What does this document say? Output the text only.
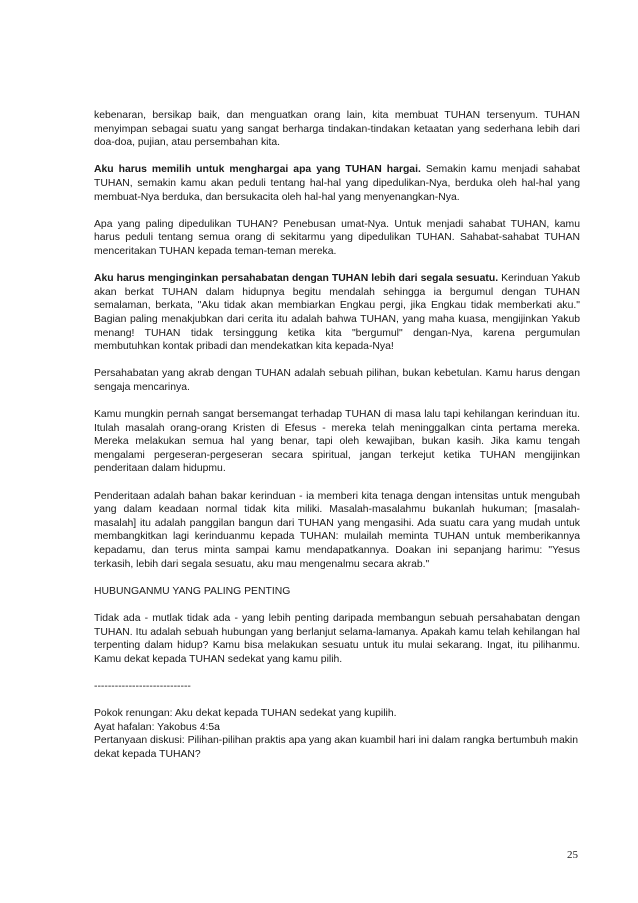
kebenaran, bersikap baik, dan menguatkan orang lain, kita membuat TUHAN tersenyum. TUHAN menyimpan sebagai suatu yang sangat berharga tindakan-tindakan ketaatan yang sederhana lebih dari doa-doa, pujian, atau persembahan kita.

Aku harus memilih untuk menghargai apa yang TUHAN hargai. Semakin kamu menjadi sahabat TUHAN, semakin kamu akan peduli tentang hal-hal yang dipedulikan-Nya, berduka oleh hal-hal yang membuat-Nya berduka, dan bersukacita oleh hal-hal yang menyenangkan-Nya.

Apa yang paling dipedulikan TUHAN? Penebusan umat-Nya. Untuk menjadi sahabat TUHAN, kamu harus peduli tentang semua orang di sekitarmu yang dipedulikan TUHAN. Sahabat-sahabat TUHAN menceritakan TUHAN kepada teman-teman mereka.

Aku harus menginginkan persahabatan dengan TUHAN lebih dari segala sesuatu. Kerinduan Yakub akan berkat TUHAN dalam hidupnya begitu mendalah sehingga ia bergumul dengan TUHAN semalaman, berkata, "Aku tidak akan membiarkan Engkau pergi, jika Engkau tidak memberkati aku." Bagian paling menakjubkan dari cerita itu adalah bahwa TUHAN, yang maha kuasa, mengijinkan Yakub menang! TUHAN tidak tersinggung ketika kita "bergumul" dengan-Nya, karena pergumulan membutuhkan kontak pribadi dan mendekatkan kita kepada-Nya!

Persahabatan yang akrab dengan TUHAN adalah sebuah pilihan, bukan kebetulan. Kamu harus dengan sengaja mencarinya.

Kamu mungkin pernah sangat bersemangat terhadap TUHAN di masa lalu tapi kehilangan kerinduan itu. Itulah masalah orang-orang Kristen di Efesus - mereka telah meninggalkan cinta pertama mereka. Mereka melakukan semua hal yang benar, tapi oleh kewajiban, bukan kasih. Jika kamu tengah mengalami pergeseran-pergeseran secara spiritual, jangan terkejut ketika TUHAN mengijinkan penderitaan dalam hidupmu.

Penderitaan adalah bahan bakar kerinduan - ia memberi kita tenaga dengan intensitas untuk mengubah yang dalam keadaan normal tidak kita miliki. Masalah-masalahmu bukanlah hukuman; [masalah-masalah] itu adalah panggilan bangun dari TUHAN yang mengasihi. Ada suatu cara yang mudah untuk membangkitkan lagi kerinduanmu kepada TUHAN: mulailah meminta TUHAN untuk memberikannya kepadamu, dan terus minta sampai kamu mendapatkannya. Doakan ini sepanjang harimu: "Yesus terkasih, lebih dari segala sesuatu, aku mau mengenalmu secara akrab."

HUBUNGANMU YANG PALING PENTING

Tidak ada - mutlak tidak ada - yang lebih penting daripada membangun sebuah persahabatan dengan TUHAN. Itu adalah sebuah hubungan yang berlanjut selama-lamanya. Apakah kamu telah kehilangan hal terpenting dalam hidup? Kamu bisa melakukan sesuatu untuk itu mulai sekarang. Ingat, itu pilihanmu. Kamu dekat kepada TUHAN sedekat yang kamu pilih.

----------------------------

Pokok renungan: Aku dekat kepada TUHAN sedekat yang kupilih.
Ayat hafalan: Yakobus 4:5a
Pertanyaan diskusi: Pilihan-pilihan praktis apa yang akan kuambil hari ini dalam rangka bertumbuh makin dekat kepada TUHAN?

25
